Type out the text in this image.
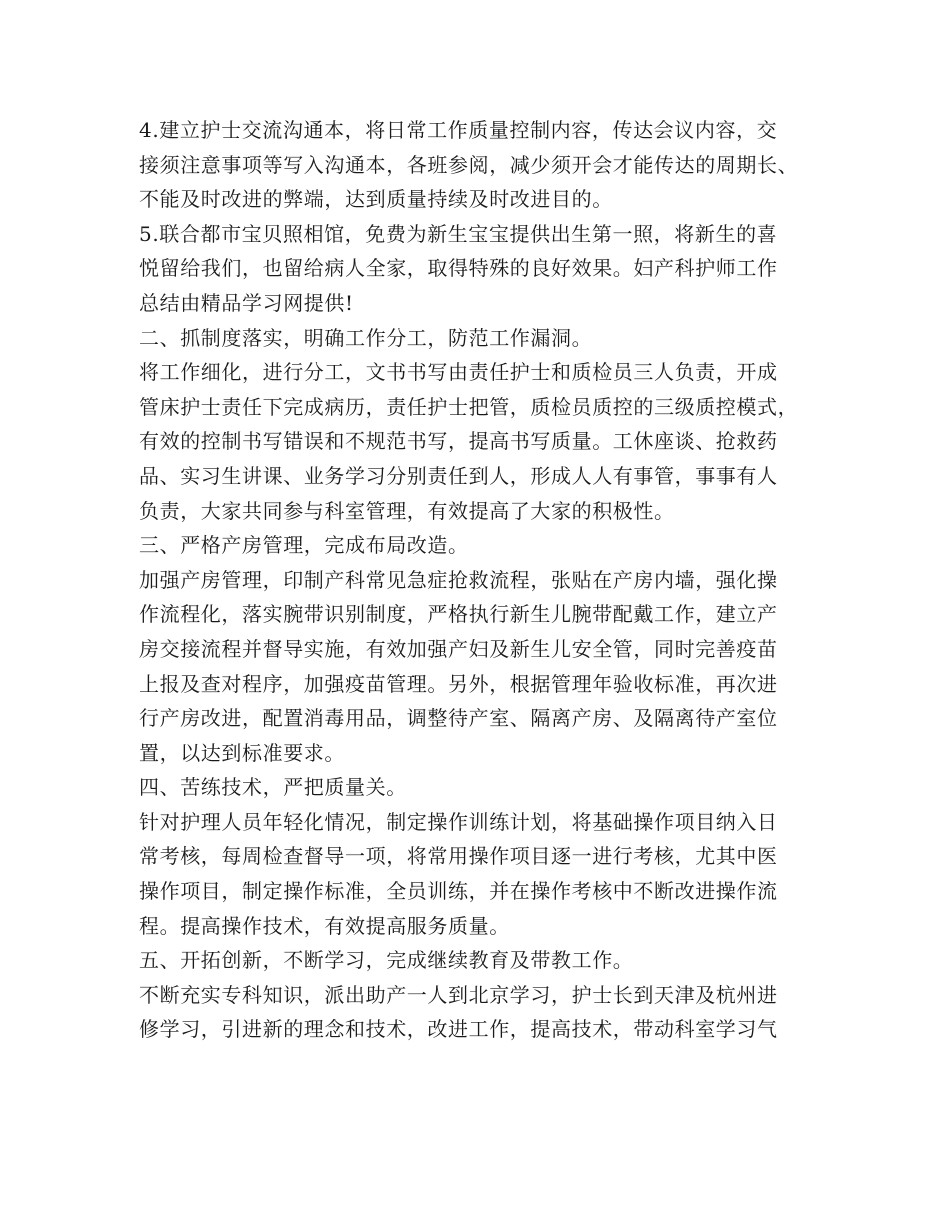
4.建立护士交流沟通本，将日常工作质量控制内容，传达会议内容，交
接须注意事项等写入沟通本，各班参阅，减少须开会才能传达的周期长、
不能及时改进的弊端，达到质量持续及时改进目的。
5.联合都市宝贝照相馆，免费为新生宝宝提供出生第一照，将新生的喜
悦留给我们，也留给病人全家，取得特殊的良好效果。妇产科护师工作
总结由精品学习网提供!
二、抓制度落实，明确工作分工，防范工作漏洞。
将工作细化，进行分工，文书书写由责任护士和质检员三人负责，开成
管床护士责任下完成病历，责任护士把管，质检员质控的三级质控模式，
有效的控制书写错误和不规范书写，提高书写质量。工休座谈、抢救药
品、实习生讲课、业务学习分别责任到人，形成人人有事管，事事有人
负责，大家共同参与科室管理，有效提高了大家的积极性。
三、严格产房管理，完成布局改造。
加强产房管理，印制产科常见急症抢救流程，张贴在产房内墙，强化操
作流程化，落实腕带识别制度，严格执行新生儿腕带配戴工作，建立产
房交接流程并督导实施，有效加强产妇及新生儿安全管，同时完善疫苗
上报及查对程序，加强疫苗管理。另外，根据管理年验收标准，再次进
行产房改进，配置消毒用品，调整待产室、隔离产房、及隔离待产室位
置，以达到标准要求。
四、苦练技术，严把质量关。
针对护理人员年轻化情况，制定操作训练计划，将基础操作项目纳入日
常考核，每周检查督导一项，将常用操作项目逐一进行考核，尤其中医
操作项目，制定操作标准，全员训练，并在操作考核中不断改进操作流
程。提高操作技术，有效提高服务质量。
五、开拓创新，不断学习，完成继续教育及带教工作。
不断充实专科知识，派出助产一人到北京学习，护士长到天津及杭州进
修学习，引进新的理念和技术，改进工作，提高技术，带动科室学习气
